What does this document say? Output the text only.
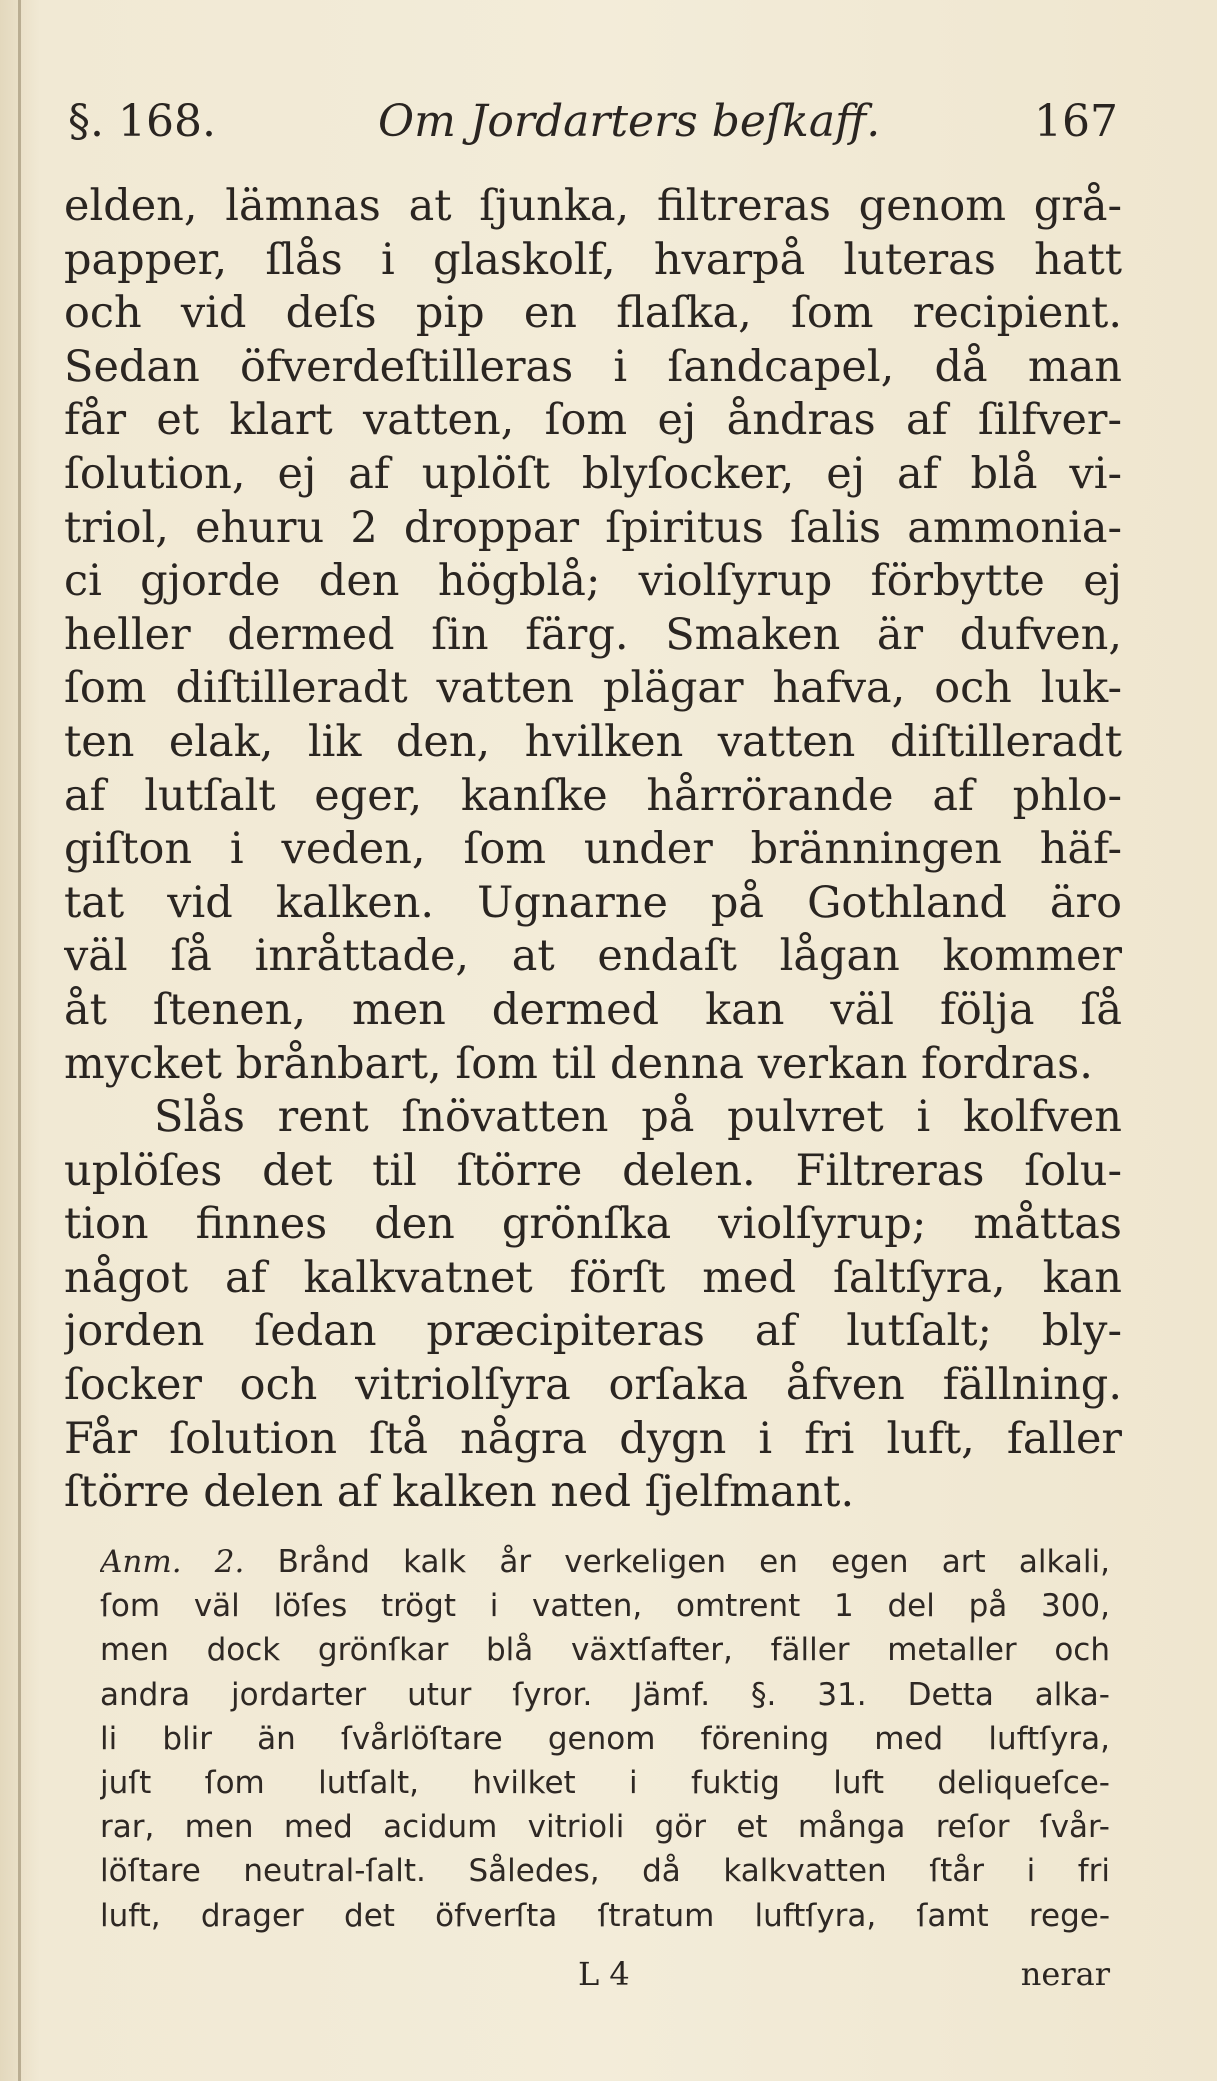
§. 168.	Om Jordarters beſkaff.	167
elden, lämnas at ſjunka, filtreras genom grå-
papper, ſlås i glaskolf, hvarpå luteras hatt
och vid deſs pip en flaſka, ſom recipient.
Sedan öfverdeſtilleras i ſandcapel, då man
får et klart vatten, ſom ej åndras af ſilfver-
ſolution, ej af uplöſt blyſocker, ej af blå vi-
triol, ehuru 2 droppar ſpiritus ſalis ammonia-
ci gjorde den högblå; violſyrup förbytte ej
heller dermed ſin färg. Smaken är dufven,
ſom diſtilleradt vatten plägar hafva, och luk-
ten elak, lik den, hvilken vatten diſtilleradt
af lutſalt eger, kanſke hårrörande af phlo-
giſton i veden, ſom under bränningen häf-
tat vid kalken. Ugnarne på Gothland äro
väl ſå inråttade, at endaſt lågan kommer
åt ſtenen, men dermed kan väl följa ſå
mycket brånbart, ſom til denna verkan fordras.
Slås rent ſnövatten på pulvret i kolfven
uplöſes det til ſtörre delen. Filtreras ſolu-
tion finnes den grönſka violſyrup; måttas
något af kalkvatnet förſt med ſaltſyra, kan
jorden ſedan præcipiteras af lutſalt; bly-
ſocker och vitriolſyra orſaka åfven fällning.
Får ſolution ſtå några dygn i fri luft, faller
ſtörre delen af kalken ned ſjelfmant.
Anm. 2. Brånd kalk år verkeligen en egen art alkali,
ſom väl löſes trögt i vatten, omtrent 1 del på 300,
men dock grönſkar blå växtſafter, fäller metaller och
andra jordarter utur ſyror. Jämf. §. 31. Detta alka-
li blir än ſvårlöſtare genom förening med luftſyra,
juſt ſom lutſalt, hvilket i fuktig luft deliqueſce-
rar, men med acidum vitrioli gör et många reſor ſvår-
löſtare neutral-ſalt. Således, då kalkvatten ſtår i fri
luft, drager det öfverſta ſtratum luftſyra, ſamt rege-
L 4	nerar
